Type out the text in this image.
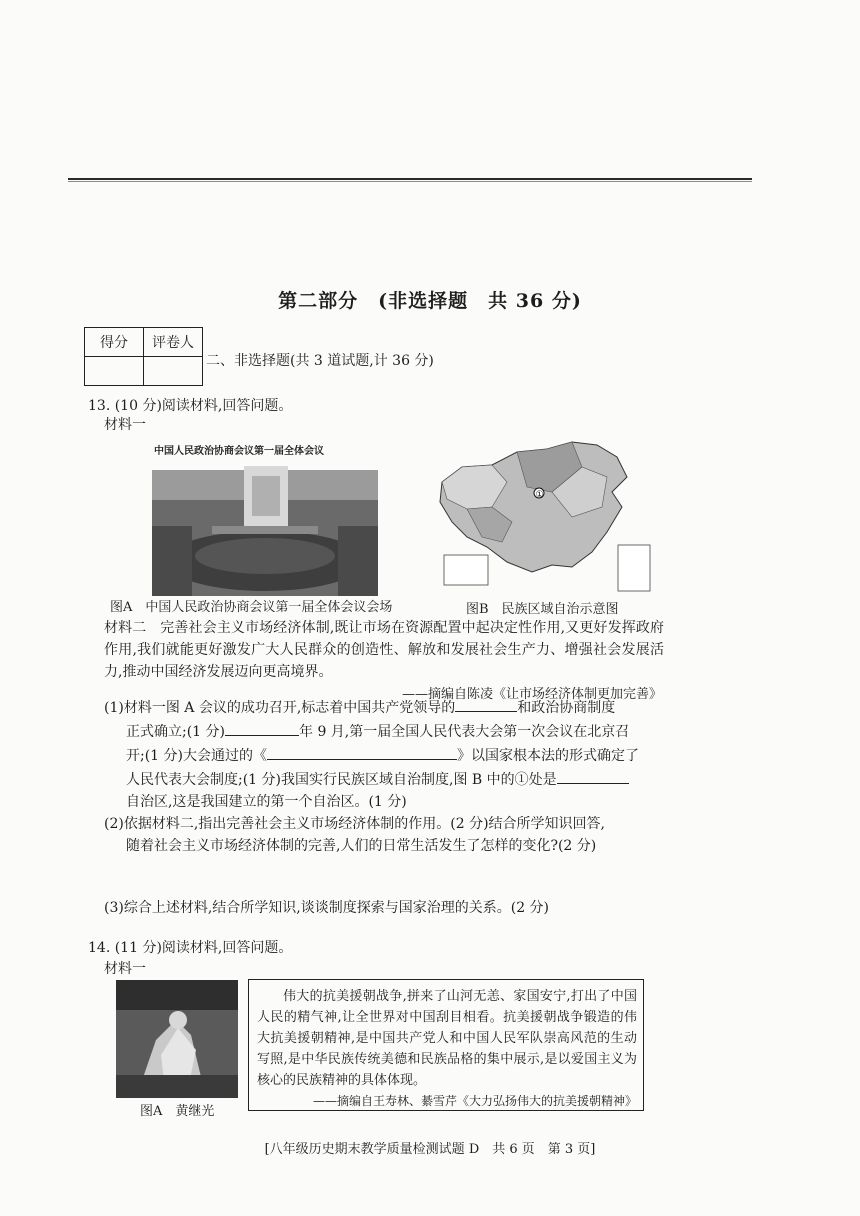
第二部分　(非选择题　共 36 分)
得分	评卷人

二、非选择题(共 3 道试题,计 36 分)
13. (10 分)阅读材料,回答问题。
材料一
中国人民政治协商会议第一届全体会议
①
图A　中国人民政治协商会议第一届全体会议会场	图B　民族区域自治示意图
材料二 完善社会主义市场经济体制,既让市场在资源配置中起决定性作用,又更好发挥政府作用,我们就能更好激发广大人民群众的创造性、解放和发展社会生产力、增强社会发展活力,推动中国经济发展迈向更高境界。
——摘编自陈凌《让市场经济体制更加完善》
(1)材料一图 A 会议的成功召开,标志着中国共产党领导的	和政治协商制度
正式确立;(1 分)	年 9 月,第一届全国人民代表大会第一次会议在北京召
开;(1 分)大会通过的《	》以国家根本法的形式确定了
人民代表大会制度;(1 分)我国实行民族区域自治制度,图 B 中的①处是
自治区,这是我国建立的第一个自治区。(1 分)
(2)依据材料二,指出完善社会主义市场经济体制的作用。(2 分)结合所学知识回答,
随着社会主义市场经济体制的完善,人们的日常生活发生了怎样的变化?(2 分)
(3)综合上述材料,结合所学知识,谈谈制度探索与国家治理的关系。(2 分)
14. (11 分)阅读材料,回答问题。
材料一
图A　黄继光
伟大的抗美援朝战争,拼来了山河无恙、家国安宁,打出了中国人民的精气神,让全世界对中国刮目相看。抗美援朝战争锻造的伟大抗美援朝精神,是中国共产党人和中国人民军队崇高风范的生动写照,是中华民族传统美德和民族品格的集中展示,是以爱国主义为核心的民族精神的具体体现。
——摘编自王寿林、綦雪芹《大力弘扬伟大的抗美援朝精神》
[八年级历史期末教学质量检测试题 D　共 6 页　第 3 页]
